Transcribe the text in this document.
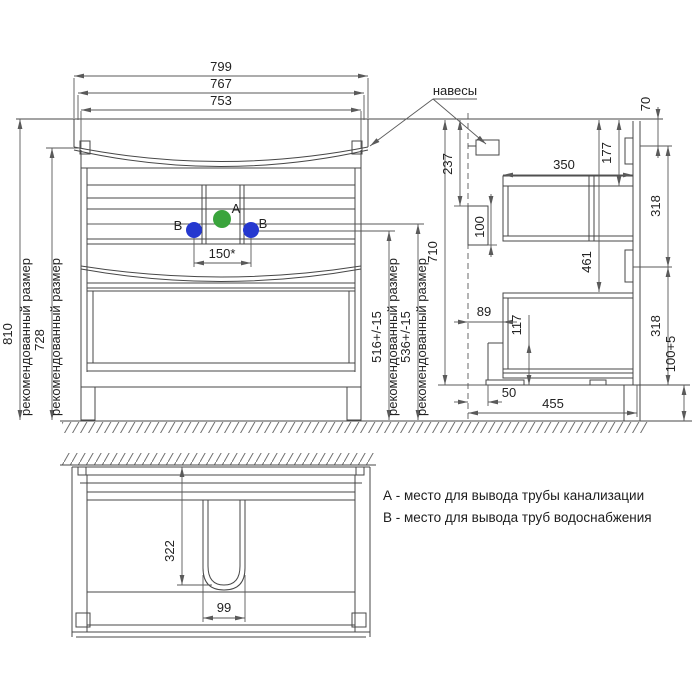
799
767
753
810 рекомендованный размер 728 рекомендованный размер
А
В	В
150*
516+/-15 рекомендованный размер
536+/-15 рекомендованный размер
710
навесы
237
100
350
177
461
70
318
318
100+5
89
117
50
455
322
99
А - место для вывода трубы канализации
В - место для вывода труб водоснабжения
